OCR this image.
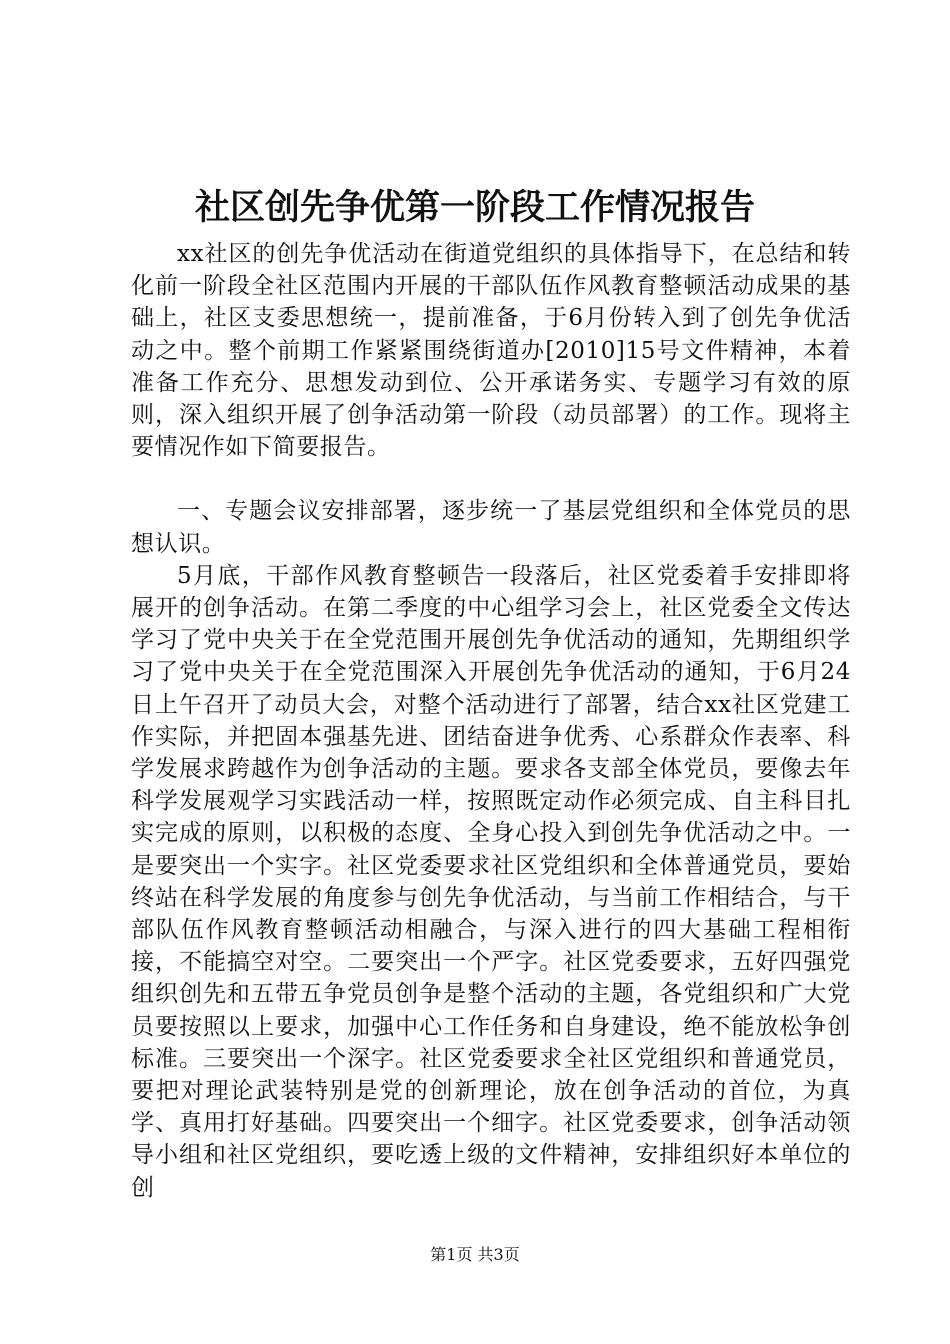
社区创先争优第一阶段工作情况报告

xx社区的创先争优活动在街道党组织的具体指导下，在总结和转化前一阶段全社区范围内开展的干部队伍作风教育整顿活动成果的基础上，社区支委思想统一，提前准备，于6月份转入到了创先争优活动之中。整个前期工作紧紧围绕街道办[2010]15号文件精神，本着准备工作充分、思想发动到位、公开承诺务实、专题学习有效的原则，深入组织开展了创争活动第一阶段（动员部署）的工作。现将主要情况作如下简要报告。

一、专题会议安排部署，逐步统一了基层党组织和全体党员的思想认识。

5月底，干部作风教育整顿告一段落后，社区党委着手安排即将展开的创争活动。在第二季度的中心组学习会上，社区党委全文传达学习了党中央关于在全党范围开展创先争优活动的通知，先期组织学习了党中央关于在全党范围深入开展创先争优活动的通知，于6月24日上午召开了动员大会，对整个活动进行了部署，结合xx社区党建工作实际，并把固本强基先进、团结奋进争优秀、心系群众作表率、科学发展求跨越作为创争活动的主题。要求各支部全体党员，要像去年科学发展观学习实践活动一样，按照既定动作必须完成、自主科目扎实完成的原则，以积极的态度、全身心投入到创先争优活动之中。一是要突出一个实字。社区党委要求社区党组织和全体普通党员，要始终站在科学发展的角度参与创先争优活动，与当前工作相结合，与干部队伍作风教育整顿活动相融合，与深入进行的四大基础工程相衔接，不能搞空对空。二要突出一个严字。社区党委要求，五好四强党组织创先和五带五争党员创争是整个活动的主题，各党组织和广大党员要按照以上要求，加强中心工作任务和自身建设，绝不能放松争创标准。三要突出一个深字。社区党委要求全社区党组织和普通党员，要把对理论武装特别是党的创新理论，放在创争活动的首位，为真学、真用打好基础。四要突出一个细字。社区党委要求，创争活动领导小组和社区党组织，要吃透上级的文件精神，安排组织好本单位的创

第1页 共3页
